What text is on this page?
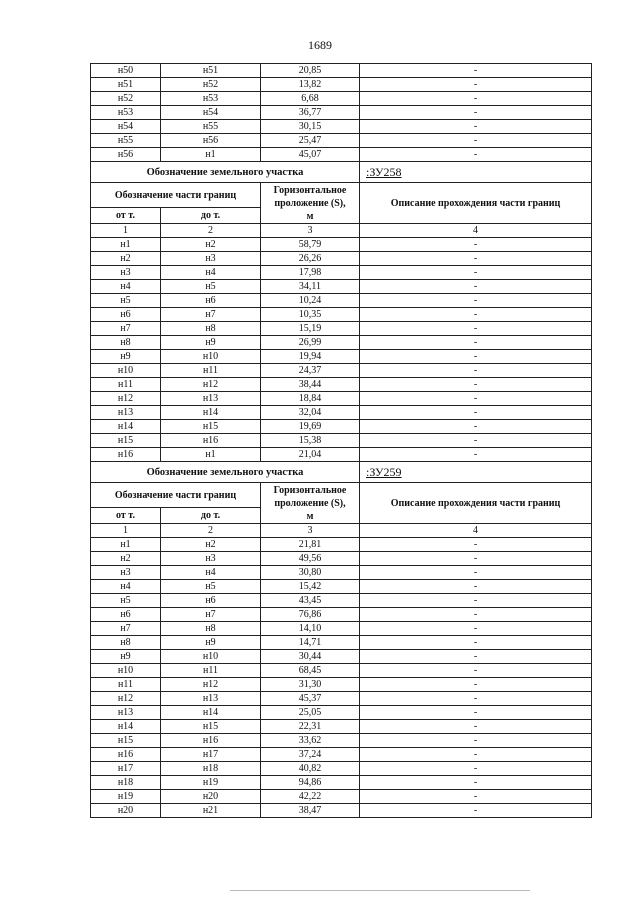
1689
н50	н51	20,85	-
н51	н52	13,82	-
н52	н53	6,68	-
н53	н54	36,77	-
н54	н55	30,15	-
н55	н56	25,47	-
н56	н1	45,07	-
Обозначение земельного участка			:ЗУ258
Обозначение части границ		Горизонтальное
проложение (S),
м	Описание прохождения части границ
от т.	до т.		
1	2	3	4
н1	н2	58,79	-
н2	н3	26,26	-
н3	н4	17,98	-
н4	н5	34,11	-
н5	н6	10,24	-
н6	н7	10,35	-
н7	н8	15,19	-
н8	н9	26,99	-
н9	н10	19,94	-
н10	н11	24,37	-
н11	н12	38,44	-
н12	н13	18,84	-
н13	н14	32,04	-
н14	н15	19,69	-
н15	н16	15,38	-
н16	н1	21,04	-
Обозначение земельного участка			:ЗУ259
Обозначение части границ		Горизонтальное
проложение (S),
м	Описание прохождения части границ
от т.	до т.		
1	2	3	4
н1	н2	21,81	-
н2	н3	49,56	-
н3	н4	30,80	-
н4	н5	15,42	-
н5	н6	43,45	-
н6	н7	76,86	-
н7	н8	14,10	-
н8	н9	14,71	-
н9	н10	30,44	-
н10	н11	68,45	-
н11	н12	31,30	-
н12	н13	45,37	-
н13	н14	25,05	-
н14	н15	22,31	-
н15	н16	33,62	-
н16	н17	37,24	-
н17	н18	40,82	-
н18	н19	94,86	-
н19	н20	42,22	-
н20	н21	38,47	-
